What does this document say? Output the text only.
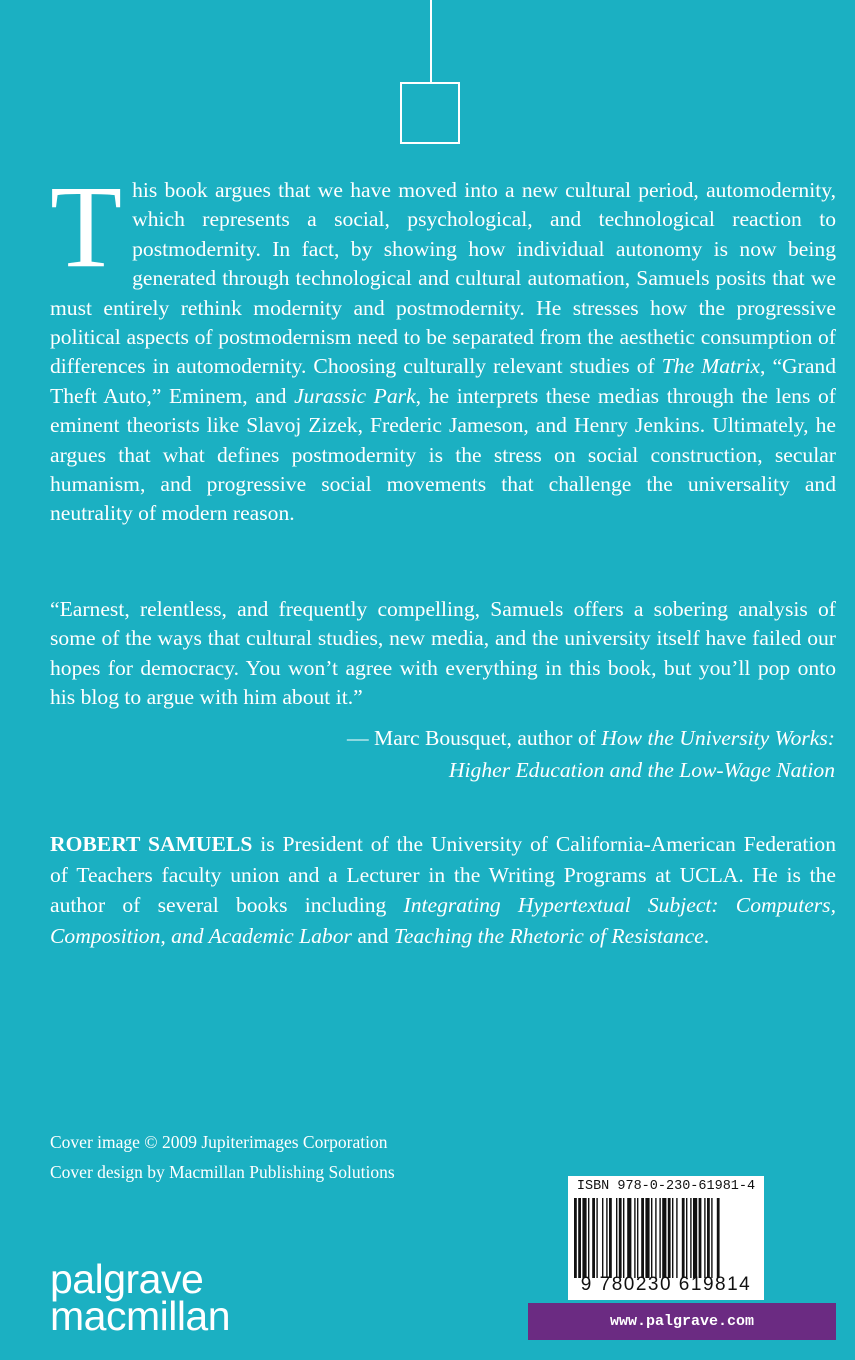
This book argues that we have moved into a new cultural period, automodernity, which represents a social, psychological, and technological reaction to postmodernity. In fact, by showing how individual autonomy is now being generated through technological and cultural automation, Samuels posits that we must entirely rethink modernity and postmodernity. He stresses how the progressive political aspects of postmodernism need to be separated from the aesthetic consumption of differences in automodernity. Choosing culturally relevant studies of The Matrix, “Grand Theft Auto,” Eminem, and Jurassic Park, he interprets these medias through the lens of eminent theorists like Slavoj Zizek, Frederic Jameson, and Henry Jenkins. Ultimately, he argues that what defines postmodernity is the stress on social construction, secular humanism, and progressive social movements that challenge the universality and neutrality of modern reason.

“Earnest, relentless, and frequently compelling, Samuels offers a sobering analysis of some of the ways that cultural studies, new media, and the university itself have failed our hopes for democracy. You won’t agree with everything in this book, but you’ll pop onto his blog to argue with him about it.”

— Marc Bousquet, author of How the University Works:
Higher Education and the Low-Wage Nation

ROBERT SAMUELS is President of the University of California-American Federation of Teachers faculty union and a Lecturer in the Writing Programs at UCLA. He is the author of several books including Integrating Hypertextual Subject: Computers, Composition, and Academic Labor and Teaching the Rhetoric of Resistance.

Cover image © 2009 Jupiterimages Corporation
Cover design by Macmillan Publishing Solutions
palgrave
macmillan
ISBN 978-0-230-61981-4
9 780230 619814
www.palgrave.com
